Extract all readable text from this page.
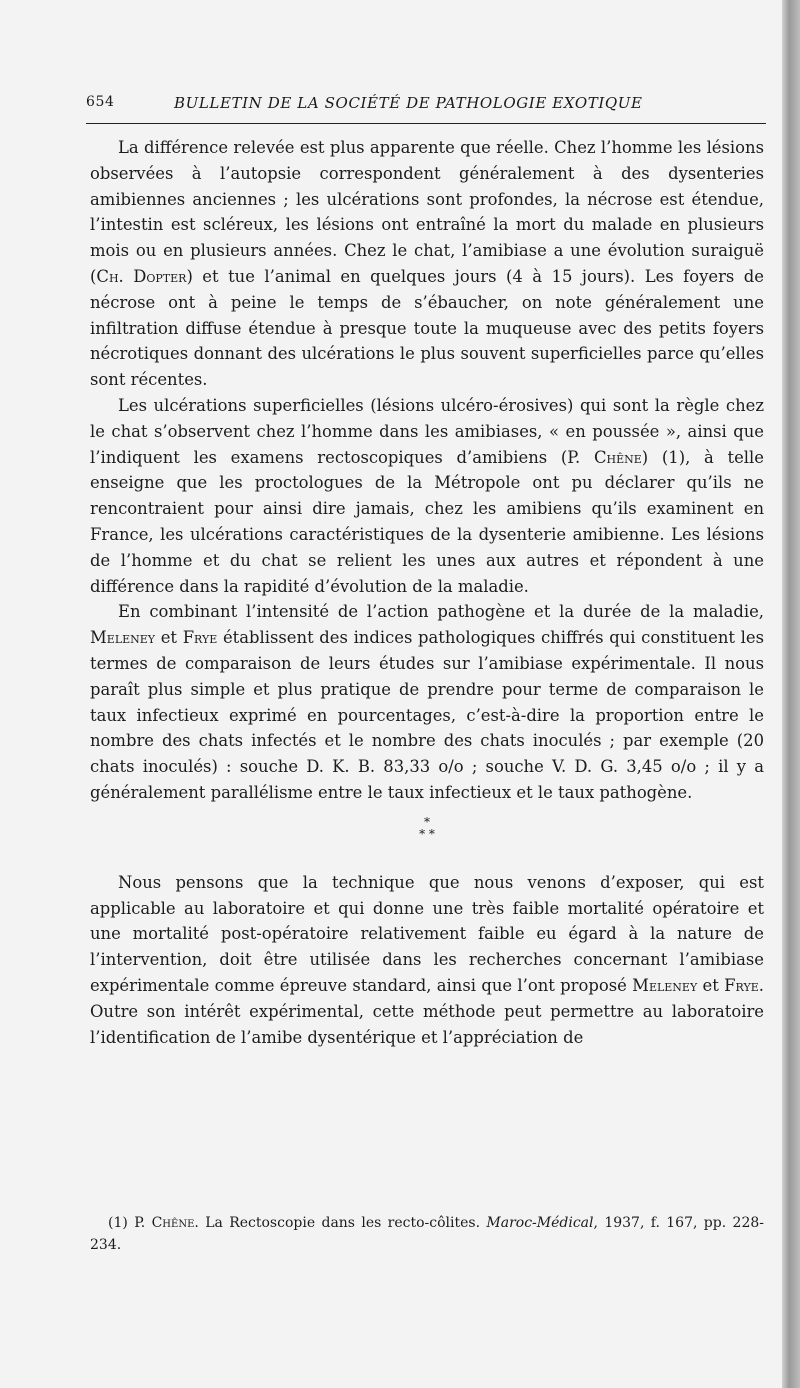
654	BULLETIN DE LA SOCIÉTÉ DE PATHOLOGIE EXOTIQUE

La différence relevée est plus apparente que réelle. Chez l’homme les lésions observées à l’autopsie correspondent généralement à des dysenteries amibiennes anciennes ; les ulcérations sont profondes, la nécrose est étendue, l’intestin est scléreux, les lésions ont entraîné la mort du malade en plusieurs mois ou en plusieurs années. Chez le chat, l’amibiase a une évolution suraiguë (Ch. Dopter) et tue l’animal en quelques jours (4 à 15 jours). Les foyers de nécrose ont à peine le temps de s’ébaucher, on note généralement une infiltration diffuse étendue à presque toute la muqueuse avec des petits foyers nécrotiques donnant des ulcérations le plus souvent superficielles parce qu’elles sont récentes.

Les ulcérations superficielles (lésions ulcéro-érosives) qui sont la règle chez le chat s’observent chez l’homme dans les amibiases, « en poussée », ainsi que l’indiquent les examens rectoscopiques d’amibiens (P. Chêne) (1), à telle enseigne que les proctologues de la Métropole ont pu déclarer qu’ils ne rencontraient pour ainsi dire jamais, chez les amibiens qu’ils examinent en France, les ulcérations caractéristiques de la dysenterie amibienne. Les lésions de l’homme et du chat se relient les unes aux autres et répondent à une différence dans la rapidité d’évolution de la maladie.

En combinant l’intensité de l’action pathogène et la durée de la maladie, Meleney et Frye établissent des indices pathologiques chiffrés qui constituent les termes de comparaison de leurs études sur l’amibiase expérimentale. Il nous paraît plus simple et plus pratique de prendre pour terme de comparaison le taux infectieux exprimé en pourcentages, c’est-à-dire la proportion entre le nombre des chats infectés et le nombre des chats inoculés ; par exemple (20 chats inoculés) : souche D. K. B. 83,33 o/o ; souche V. D. G. 3,45 o/o ; il y a généralement parallélisme entre le taux infectieux et le taux pathogène.

*
* *

Nous pensons que la technique que nous venons d’exposer, qui est applicable au laboratoire et qui donne une très faible mortalité opératoire et une mortalité post-opératoire relativement faible eu égard à la nature de l’intervention, doit être utilisée dans les recherches concernant l’amibiase expérimentale comme épreuve standard, ainsi que l’ont proposé Meleney et Frye. Outre son intérêt expérimental, cette méthode peut permettre au laboratoire l’identification de l’amibe dysentérique et l’appréciation de

(1) P. Chêne. La Rectoscopie dans les recto-côlites. Maroc-Médical, 1937, f. 167, pp. 228-234.
